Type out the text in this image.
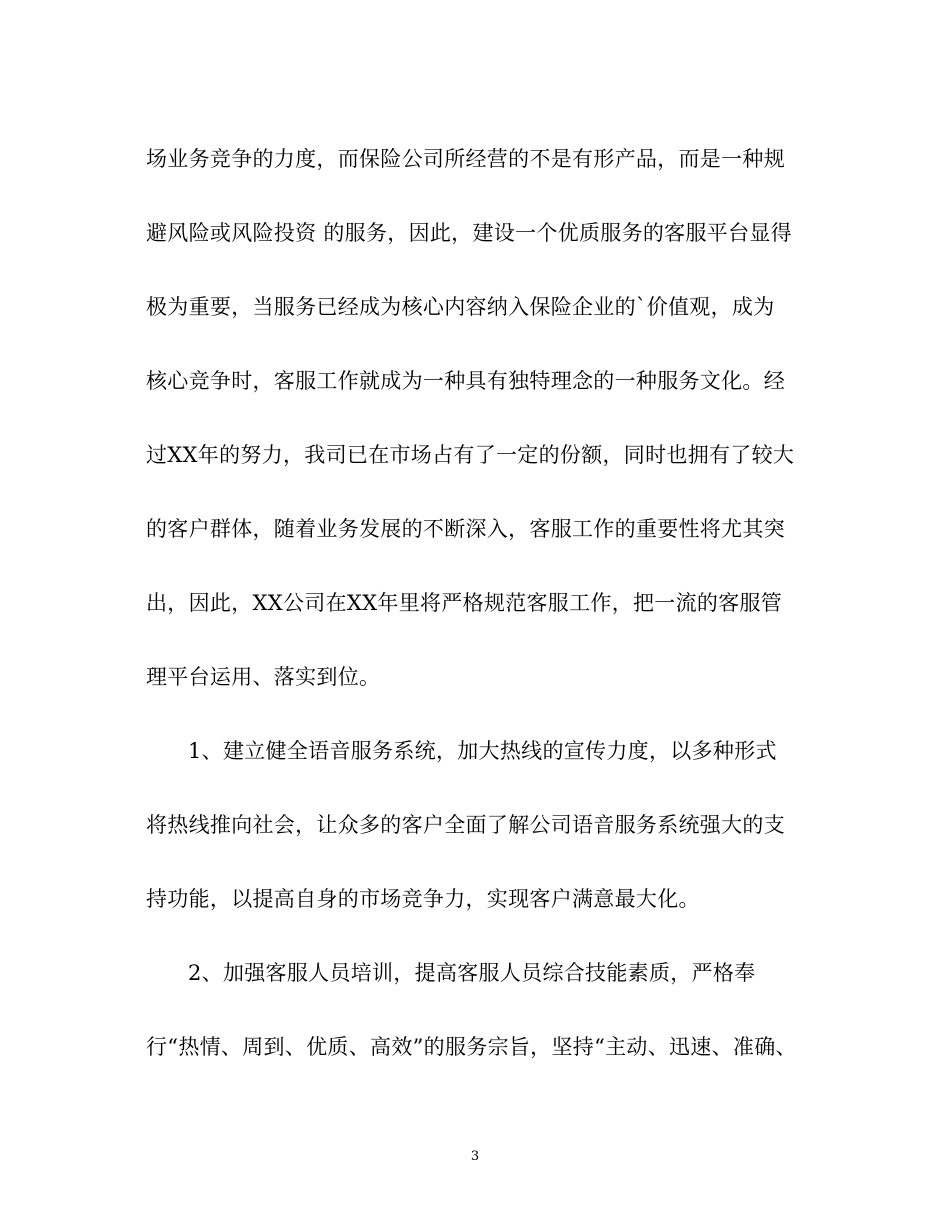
场业务竞争的力度，而保险公司所经营的不是有形产品，而是一种规
避风险或风险投资 的服务，因此，建设一个优质服务的客服平台显得
极为重要，当服务已经成为核心内容纳入保险企业的`价值观，成为
核心竞争时，客服工作就成为一种具有独特理念的一种服务文化。经
过XX年的努力，我司已在市场占有了一定的份额，同时也拥有了较大
的客户群体，随着业务发展的不断深入，客服工作的重要性将尤其突
出，因此，XX公司在XX年里将严格规范客服工作，把一流的客服管
理平台运用、落实到位。
1、建立健全语音服务系统，加大热线的宣传力度，以多种形式
将热线推向社会，让众多的客户全面了解公司语音服务系统强大的支
持功能，以提高自身的市场竞争力，实现客户满意最大化。
2、加强客服人员培训，提高客服人员综合技能素质，严格奉
行“热情、周到、优质、高效”的服务宗旨，坚持“主动、迅速、准确、
3
